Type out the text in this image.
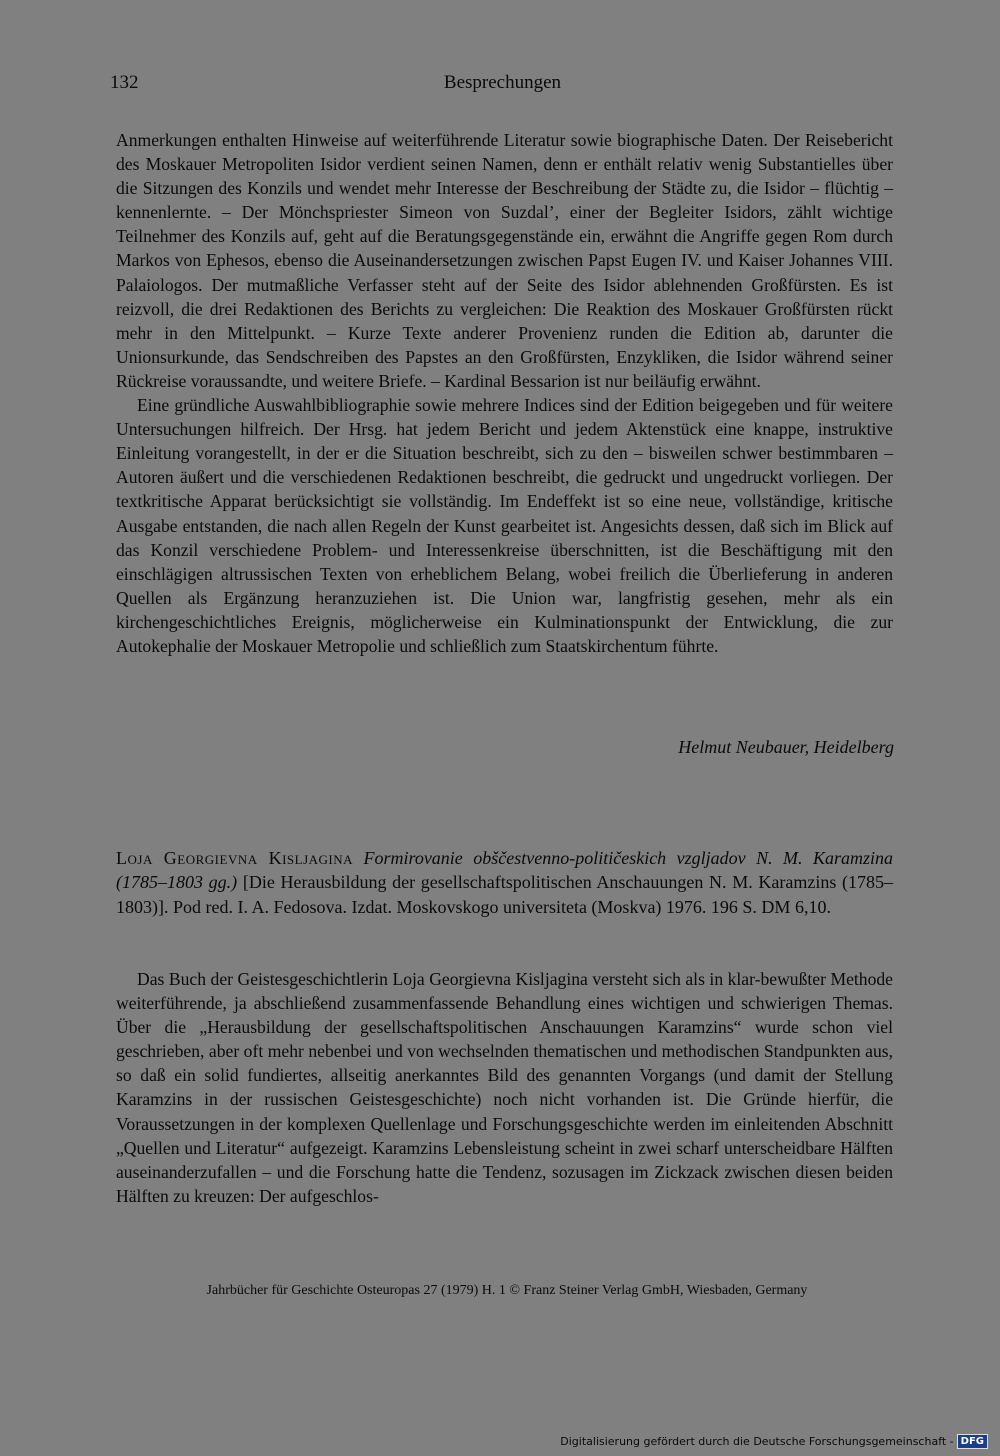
132	Besprechungen

Anmerkungen enthalten Hinweise auf weiterführende Literatur sowie biographische Daten. Der Reisebericht des Moskauer Metropoliten Isidor verdient seinen Namen, denn er enthält relativ wenig Substantielles über die Sitzungen des Konzils und wendet mehr Interesse der Beschreibung der Städte zu, die Isidor – flüchtig – kennenlernte. – Der Mönchspriester Simeon von Suzdal’, einer der Begleiter Isidors, zählt wichtige Teilnehmer des Konzils auf, geht auf die Beratungsgegenstände ein, erwähnt die Angriffe gegen Rom durch Markos von Ephesos, ebenso die Auseinandersetzungen zwischen Papst Eugen IV. und Kaiser Johannes VIII. Palaiologos. Der mutmaßliche Verfasser steht auf der Seite des Isidor ablehnenden Großfürsten. Es ist reizvoll, die drei Redaktionen des Berichts zu vergleichen: Die Reaktion des Moskauer Großfürsten rückt mehr in den Mittelpunkt. – Kurze Texte anderer Provenienz runden die Edition ab, darunter die Unionsurkunde, das Sendschreiben des Papstes an den Großfürsten, Enzykliken, die Isidor während seiner Rückreise voraussandte, und weitere Briefe. – Kardinal Bessarion ist nur beiläufig erwähnt.

Eine gründliche Auswahlbibliographie sowie mehrere Indices sind der Edition beigegeben und für weitere Untersuchungen hilfreich. Der Hrsg. hat jedem Bericht und jedem Aktenstück eine knappe, instruktive Einleitung vorangestellt, in der er die Situation beschreibt, sich zu den – bisweilen schwer bestimmbaren – Autoren äußert und die verschiedenen Redaktionen beschreibt, die gedruckt und ungedruckt vorliegen. Der textkritische Apparat berücksichtigt sie vollständig. Im Endeffekt ist so eine neue, vollständige, kritische Ausgabe entstanden, die nach allen Regeln der Kunst gearbeitet ist. Angesichts dessen, daß sich im Blick auf das Konzil verschiedene Problem- und Interessenkreise überschnitten, ist die Beschäftigung mit den einschlägigen altrussischen Texten von erheblichem Belang, wobei freilich die Überlieferung in anderen Quellen als Ergänzung heranzuziehen ist. Die Union war, langfristig gesehen, mehr als ein kirchengeschichtliches Ereignis, möglicherweise ein Kulminationspunkt der Entwicklung, die zur Autokephalie der Moskauer Metropolie und schließlich zum Staatskirchentum führte.

Helmut Neubauer, Heidelberg

Loja Georgievna Kisljagina Formirovanie obščestvenno-političeskich vzgljadov N. M. Karamzina (1785–1803 gg.) [Die Herausbildung der gesellschaftspolitischen Anschauungen N. M. Karamzins (1785–1803)]. Pod red. I. A. Fedosova. Izdat. Moskovskogo universiteta (Moskva) 1976. 196 S. DM 6,10.

Das Buch der Geistesgeschichtlerin Loja Georgievna Kisljagina versteht sich als in klar-bewußter Methode weiterführende, ja abschließend zusammenfassende Behandlung eines wichtigen und schwierigen Themas. Über die „Herausbildung der gesellschaftspolitischen Anschauungen Karamzins“ wurde schon viel geschrieben, aber oft mehr nebenbei und von wechselnden thematischen und methodischen Standpunkten aus, so daß ein solid fundiertes, allseitig anerkanntes Bild des genannten Vorgangs (und damit der Stellung Karamzins in der russischen Geistesgeschichte) noch nicht vorhanden ist. Die Gründe hierfür, die Voraussetzungen in der komplexen Quellenlage und Forschungsgeschichte werden im einleitenden Abschnitt „Quellen und Literatur“ aufgezeigt. Karamzins Lebensleistung scheint in zwei scharf unterscheidbare Hälften auseinanderzufallen – und die Forschung hatte die Tendenz, sozusagen im Zickzack zwischen diesen beiden Hälften zu kreuzen: Der aufgeschlos-

Jahrbücher für Geschichte Osteuropas 27 (1979) H. 1 © Franz Steiner Verlag GmbH, Wiesbaden, Germany
Digitalisierung gefördert durch die Deutsche Forschungsgemeinschaft - DFG
